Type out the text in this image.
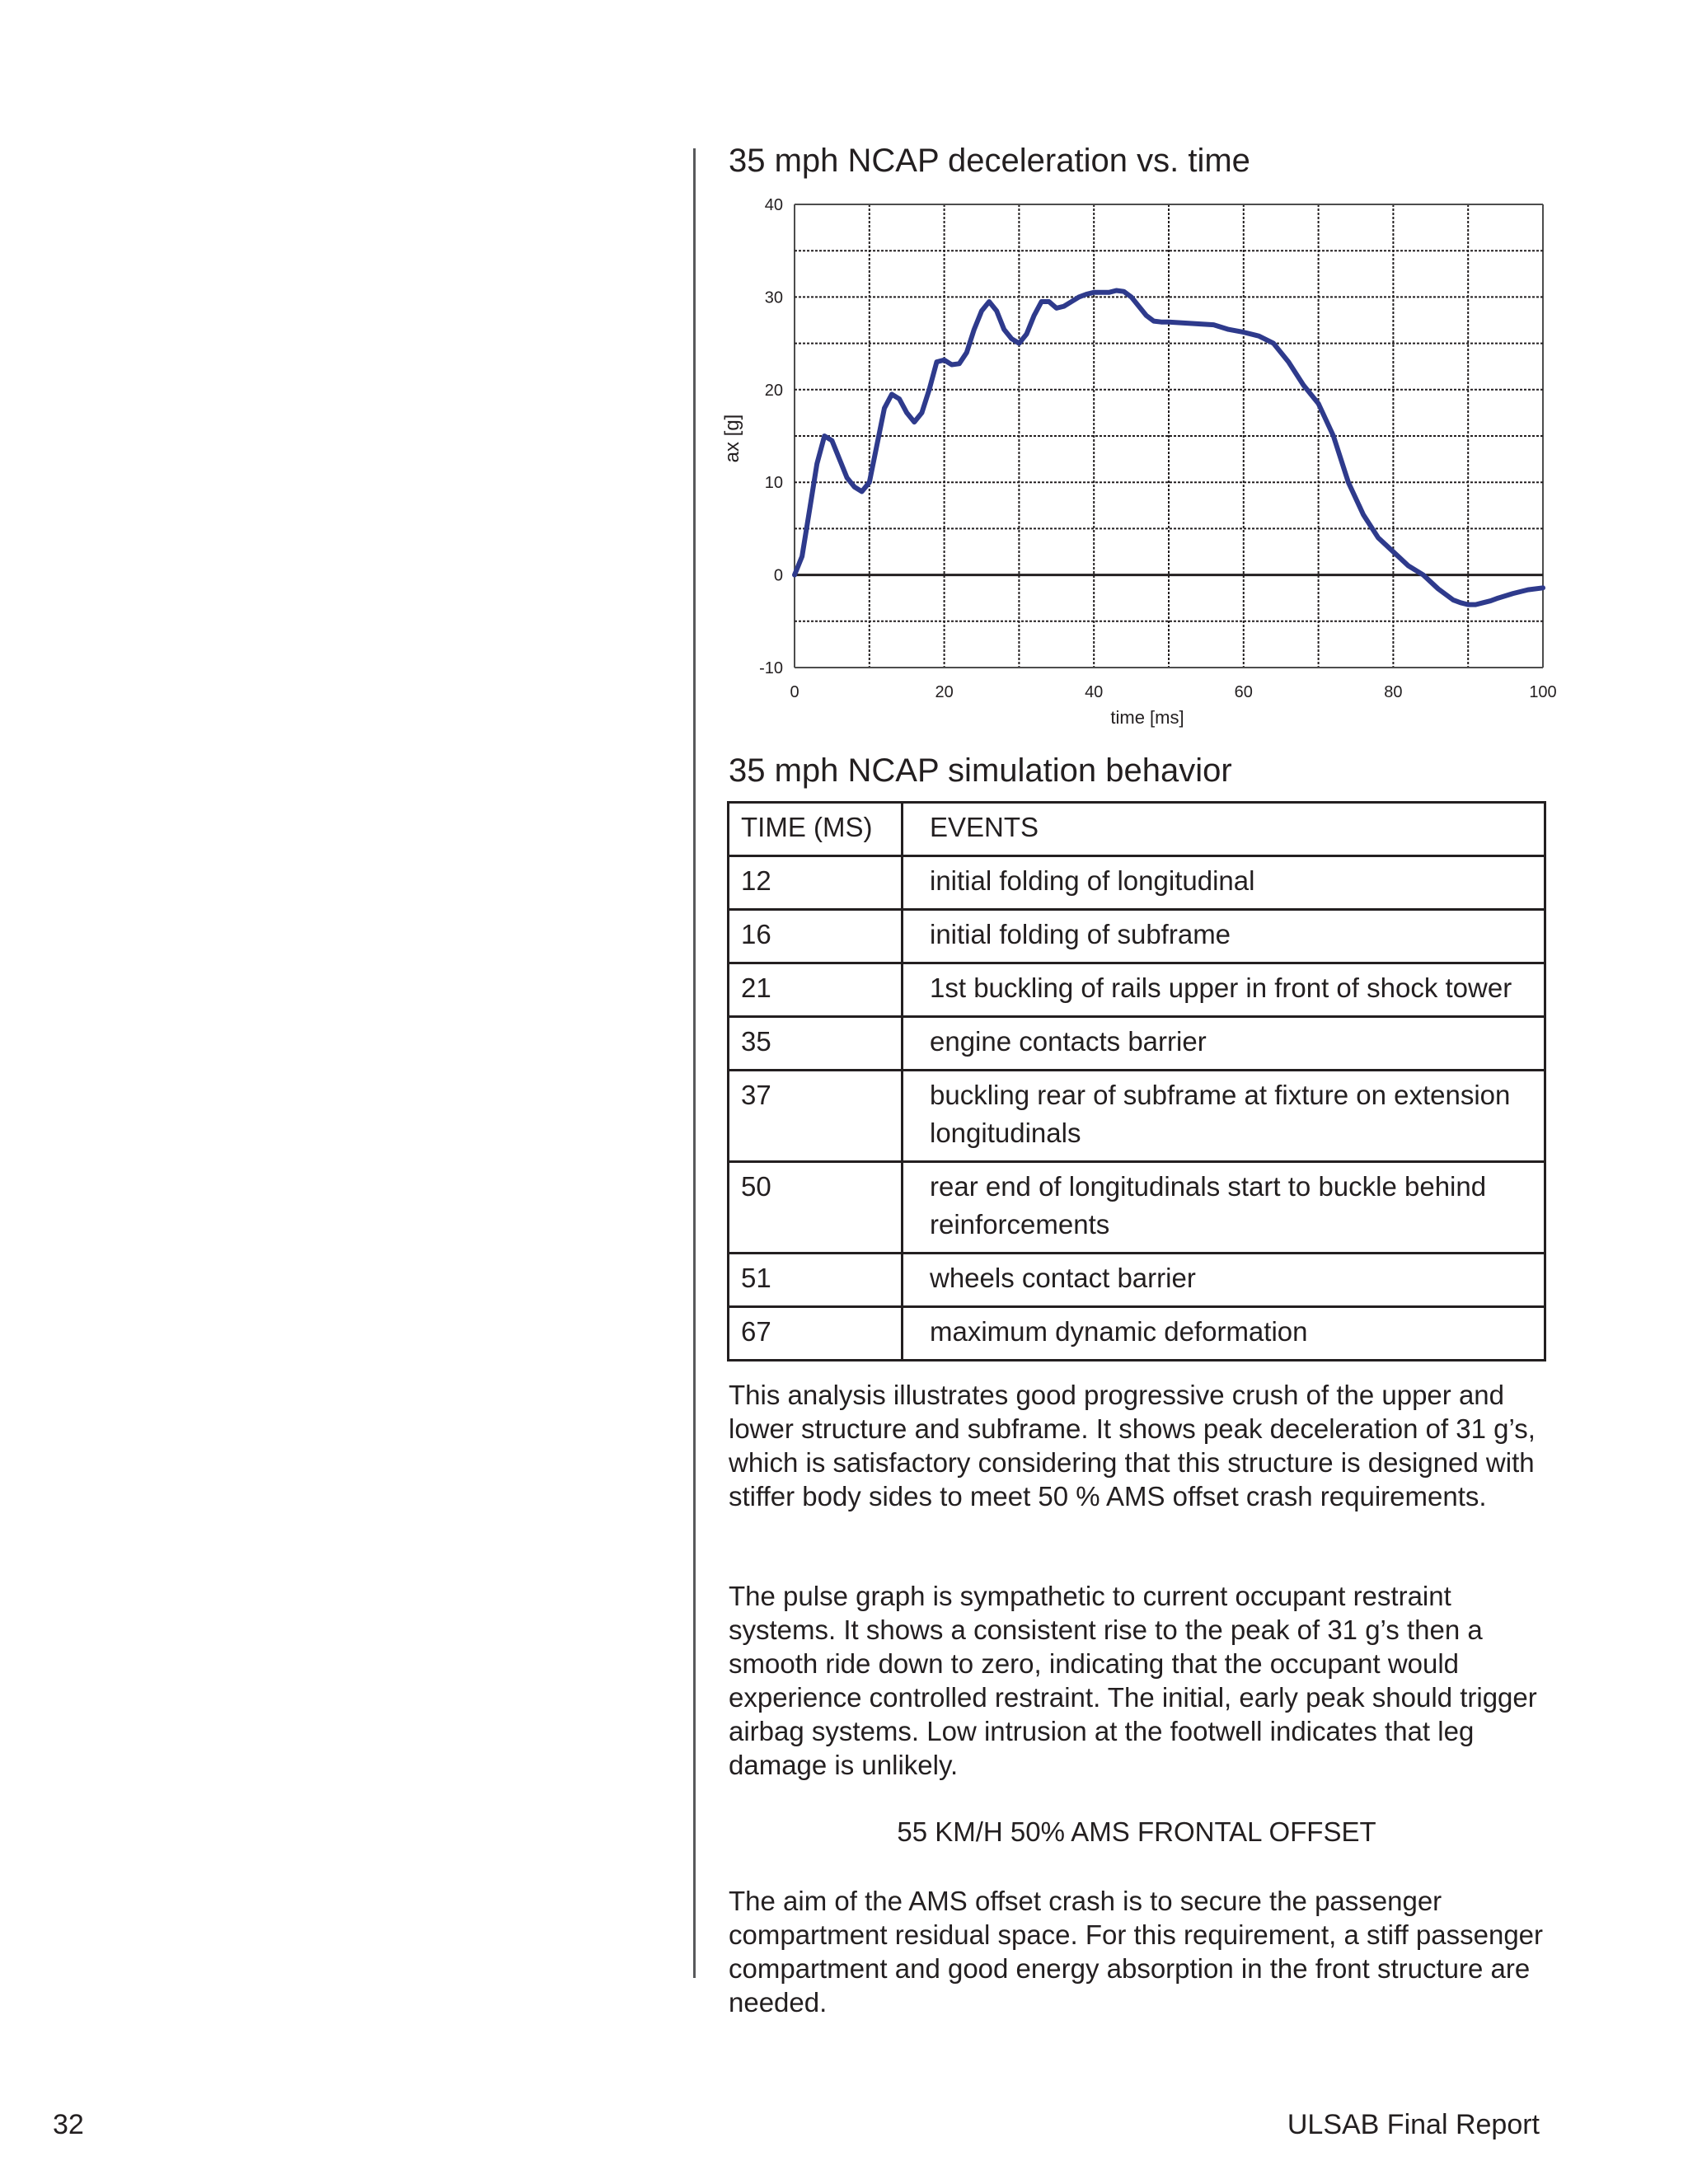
35 mph NCAP deceleration vs. time
0	20	40	60	80	100
-10
0
10
20
30
40
ax [g]
time [ms]
35 mph NCAP simulation behavior
TIME (MS)	EVENTS
12	initial folding of longitudinal
16	initial folding of subframe
21	1st buckling of rails upper in front of shock tower
35	engine contacts barrier
37	buckling rear of subframe at fixture on extension longitudinals
50	rear end of longitudinals start to buckle behind reinforcements
51	wheels contact barrier
67	maximum dynamic deformation

This analysis illustrates good progressive crush of the upper and lower structure and subframe. It shows peak deceleration of 31 g’s, which is satisfactory considering that this structure is designed with stiffer body sides to meet 50 % AMS offset crash requirements.

The pulse graph is sympathetic to current occupant restraint systems. It shows a consistent rise to the peak of 31 g’s then a smooth ride down to zero, indicating that the occupant would experience controlled restraint. The initial, early peak should trigger airbag systems. Low intrusion at the footwell indicates that leg damage is unlikely.

55 KM/H 50% AMS FRONTAL OFFSET

The aim of the AMS offset crash is to secure the passenger compartment residual space. For this requirement, a stiff passenger compartment and good energy absorption in the front structure are needed.

32	ULSAB Final Report
